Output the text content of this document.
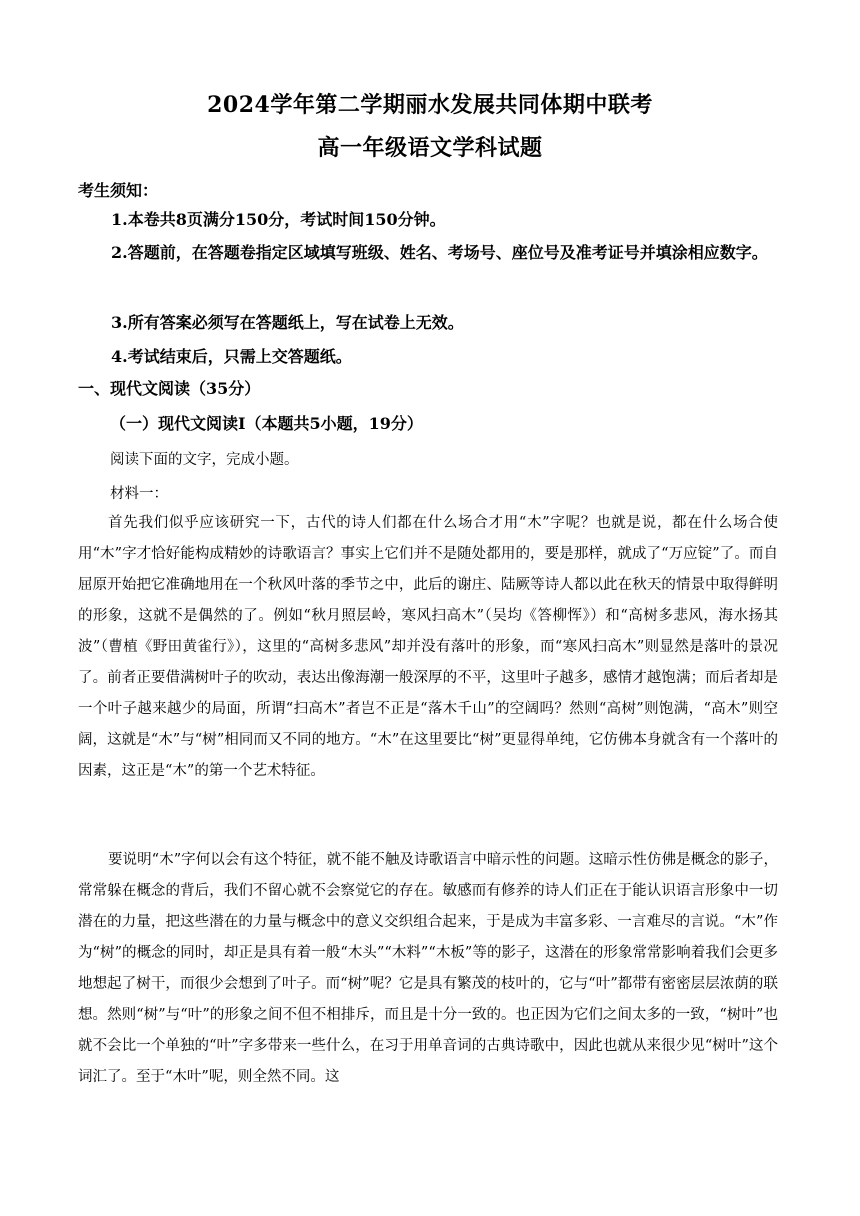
2024学年第二学期丽水发展共同体期中联考
高一年级语文学科试题
考生须知：
1.本卷共8页满分150分，考试时间150分钟。
2.答题前，在答题卷指定区域填写班级、姓名、考场号、座位号及准考证号并填涂相应数字。
3.所有答案必须写在答题纸上，写在试卷上无效。
4.考试结束后，只需上交答题纸。
一、现代文阅读（35分）
（一）现代文阅读Ⅰ（本题共5小题，19分）
阅读下面的文字，完成小题。
材料一：
首先我们似乎应该研究一下，古代的诗人们都在什么场合才用“木”字呢？也就是说，都在什么场合使用“木”字才恰好能构成精妙的诗歌语言？事实上它们并不是随处都用的，要是那样，就成了“万应锭”了。而自屈原开始把它准确地用在一个秋风叶落的季节之中，此后的谢庄、陆厥等诗人都以此在秋天的情景中取得鲜明的形象，这就不是偶然的了。例如“秋月照层岭，寒风扫高木”（吴均《答柳恽》）和“高树多悲风，海水扬其波”（曹植《野田黄雀行》），这里的“高树多悲风”却并没有落叶的形象，而“寒风扫高木”则显然是落叶的景况了。前者正要借满树叶子的吹动，表达出像海潮一般深厚的不平，这里叶子越多，感情才越饱满；而后者却是一个叶子越来越少的局面，所谓“扫高木”者岂不正是“落木千山”的空阔吗？然则“高树”则饱满，“高木”则空阔，这就是“木”与“树”相同而又不同的地方。“木”在这里要比“树”更显得单纯，它仿佛本身就含有一个落叶的因素，这正是“木”的第一个艺术特征。
要说明“木”字何以会有这个特征，就不能不触及诗歌语言中暗示性的问题。这暗示性仿佛是概念的影子，常常躲在概念的背后，我们不留心就不会察觉它的存在。敏感而有修养的诗人们正在于能认识语言形象中一切潜在的力量，把这些潜在的力量与概念中的意义交织组合起来，于是成为丰富多彩、一言难尽的言说。“木”作为“树”的概念的同时，却正是具有着一般“木头”“木料”“木板”等的影子，这潜在的形象常常影响着我们会更多地想起了树干，而很少会想到了叶子。而“树”呢？它是具有繁茂的枝叶的，它与“叶”都带有密密层层浓荫的联想。然则“树”与“叶”的形象之间不但不相排斥，而且是十分一致的。也正因为它们之间太多的一致，“树叶”也就不会比一个单独的“叶”字多带来一些什么，在习于用单音词的古典诗歌中，因此也就从来很少见“树叶”这个词汇了。至于“木叶”呢，则全然不同。这
